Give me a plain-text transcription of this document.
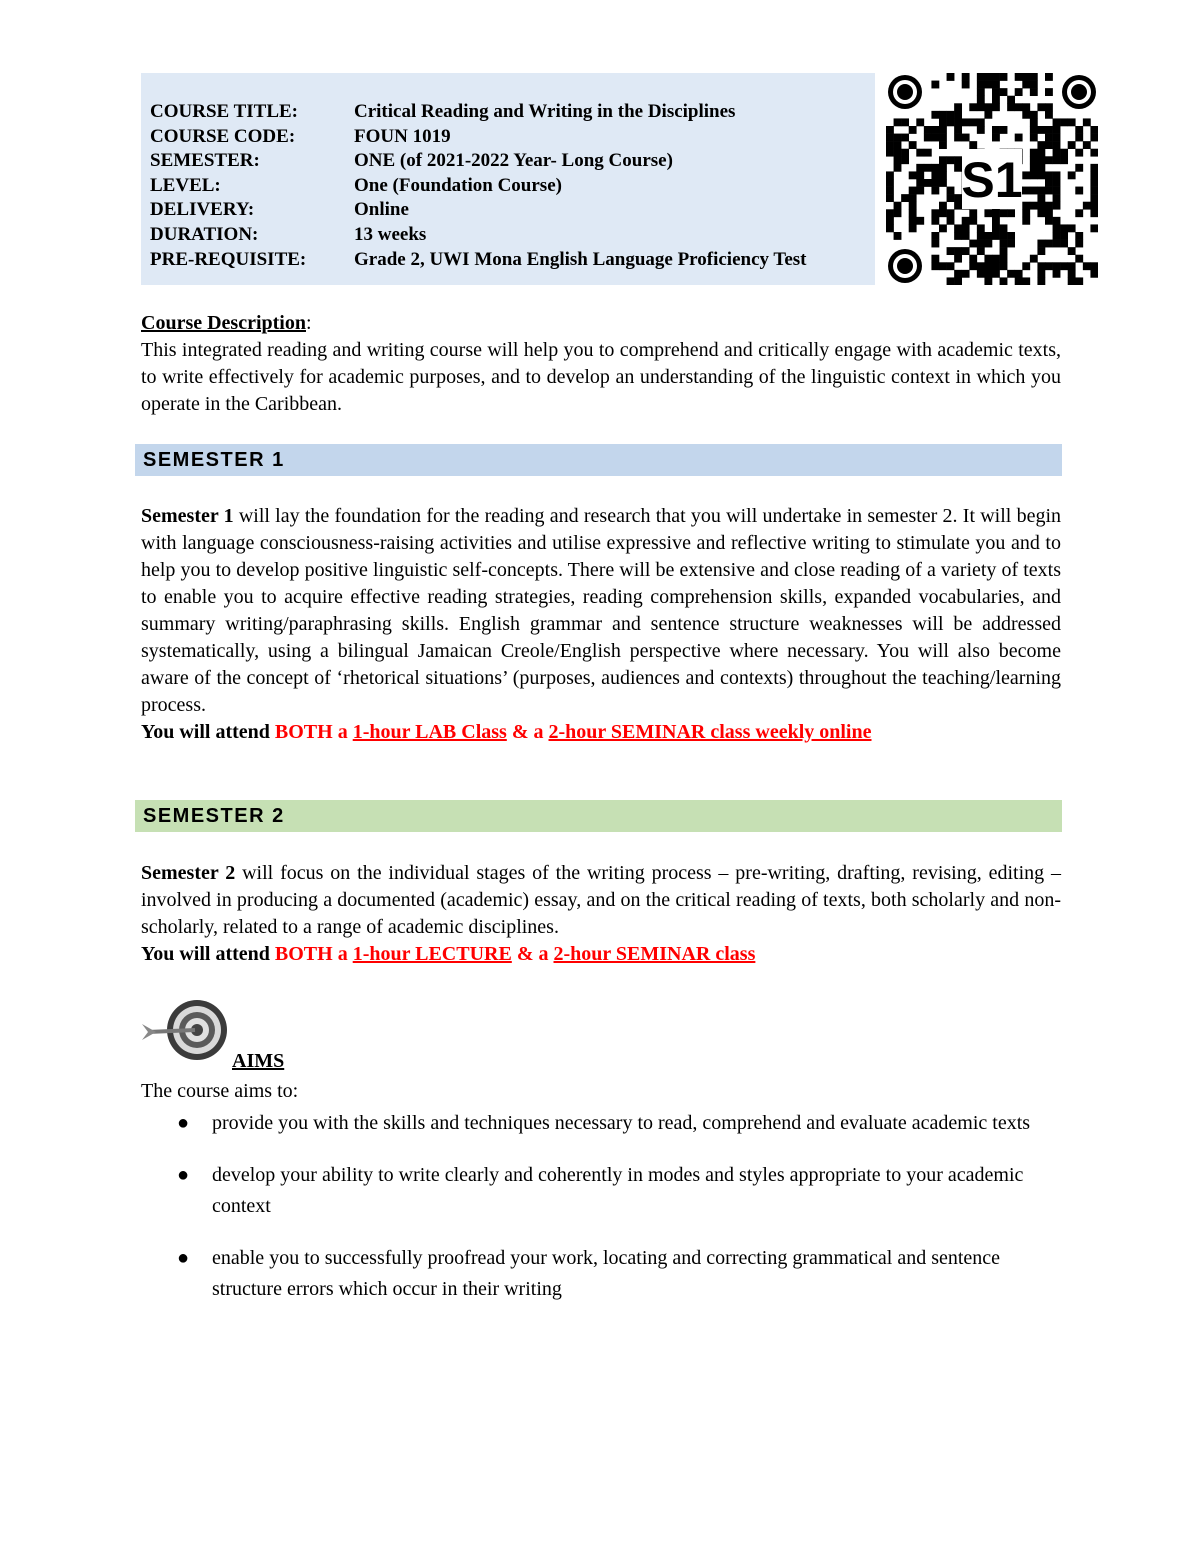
COURSE TITLE:	Critical Reading and Writing in the Disciplines
COURSE CODE:	FOUN 1019
SEMESTER:	ONE (of 2021-2022 Year- Long Course)
LEVEL:	One (Foundation Course)
DELIVERY:	Online
DURATION:	13 weeks
PRE-REQUISITE:	Grade 2, UWI Mona English Language Proficiency Test
S1
Course Description:
This integrated reading and writing course will help you to comprehend and critically engage with academic texts, to write effectively for academic purposes, and to develop an understanding of the linguistic context in which you operate in the Caribbean.
SEMESTER 1
Semester 1 will lay the foundation for the reading and research that you will undertake in semester 2. It will begin with language consciousness-raising activities and utilise expressive and reflective writing to stimulate you and to help you to develop positive linguistic self-concepts. There will be extensive and close reading of a variety of texts to enable you to acquire effective reading strategies, reading comprehension skills, expanded vocabularies, and summary writing/paraphrasing skills. English grammar and sentence structure weaknesses will be addressed systematically, using a bilingual Jamaican Creole/English perspective where necessary. You will also become aware of the concept of ‘rhetorical situations’ (purposes, audiences and contexts) throughout the teaching/learning process.
You will attend BOTH a 1-hour LAB Class & a 2-hour SEMINAR class weekly online
SEMESTER 2
Semester 2 will focus on the individual stages of the writing process – pre-writing, drafting, revising, editing – involved in producing a documented (academic) essay, and on the critical reading of texts, both scholarly and non-scholarly, related to a range of academic disciplines.
You will attend BOTH a 1-hour LECTURE & a 2-hour SEMINAR class
AIMS
The course aims to:
● provide you with the skills and techniques necessary to read, comprehend and evaluate academic texts
● develop your ability to write clearly and coherently in modes and styles appropriate to your academic context
● enable you to successfully proofread your work, locating and correcting grammatical and sentence structure errors which occur in their writing
